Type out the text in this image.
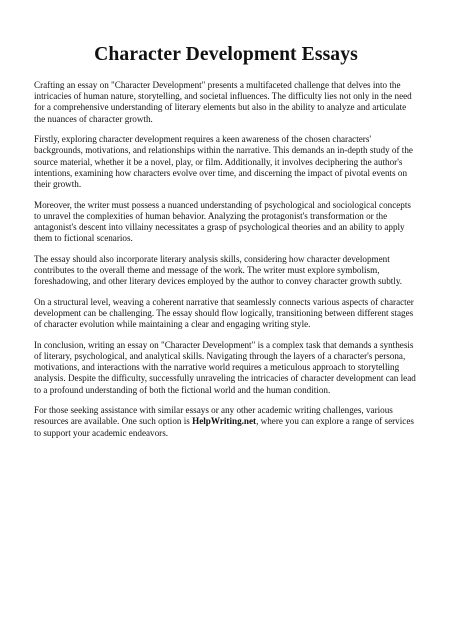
Character Development Essays

Crafting an essay on "Character Development" presents a multifaceted challenge that delves into the intricacies of human nature, storytelling, and societal influences. The difficulty lies not only in the need for a comprehensive understanding of literary elements but also in the ability to analyze and articulate the nuances of character growth.

Firstly, exploring character development requires a keen awareness of the chosen characters' backgrounds, motivations, and relationships within the narrative. This demands an in-depth study of the source material, whether it be a novel, play, or film. Additionally, it involves deciphering the author's intentions, examining how characters evolve over time, and discerning the impact of pivotal events on their growth.

Moreover, the writer must possess a nuanced understanding of psychological and sociological concepts to unravel the complexities of human behavior. Analyzing the protagonist's transformation or the antagonist's descent into villainy necessitates a grasp of psychological theories and an ability to apply them to fictional scenarios.

The essay should also incorporate literary analysis skills, considering how character development contributes to the overall theme and message of the work. The writer must explore symbolism, foreshadowing, and other literary devices employed by the author to convey character growth subtly.

On a structural level, weaving a coherent narrative that seamlessly connects various aspects of character development can be challenging. The essay should flow logically, transitioning between different stages of character evolution while maintaining a clear and engaging writing style.

In conclusion, writing an essay on "Character Development" is a complex task that demands a synthesis of literary, psychological, and analytical skills. Navigating through the layers of a character's persona, motivations, and interactions with the narrative world requires a meticulous approach to storytelling analysis. Despite the difficulty, successfully unraveling the intricacies of character development can lead to a profound understanding of both the fictional world and the human condition.

For those seeking assistance with similar essays or any other academic writing challenges, various resources are available. One such option is HelpWriting.net, where you can explore a range of services to support your academic endeavors.
